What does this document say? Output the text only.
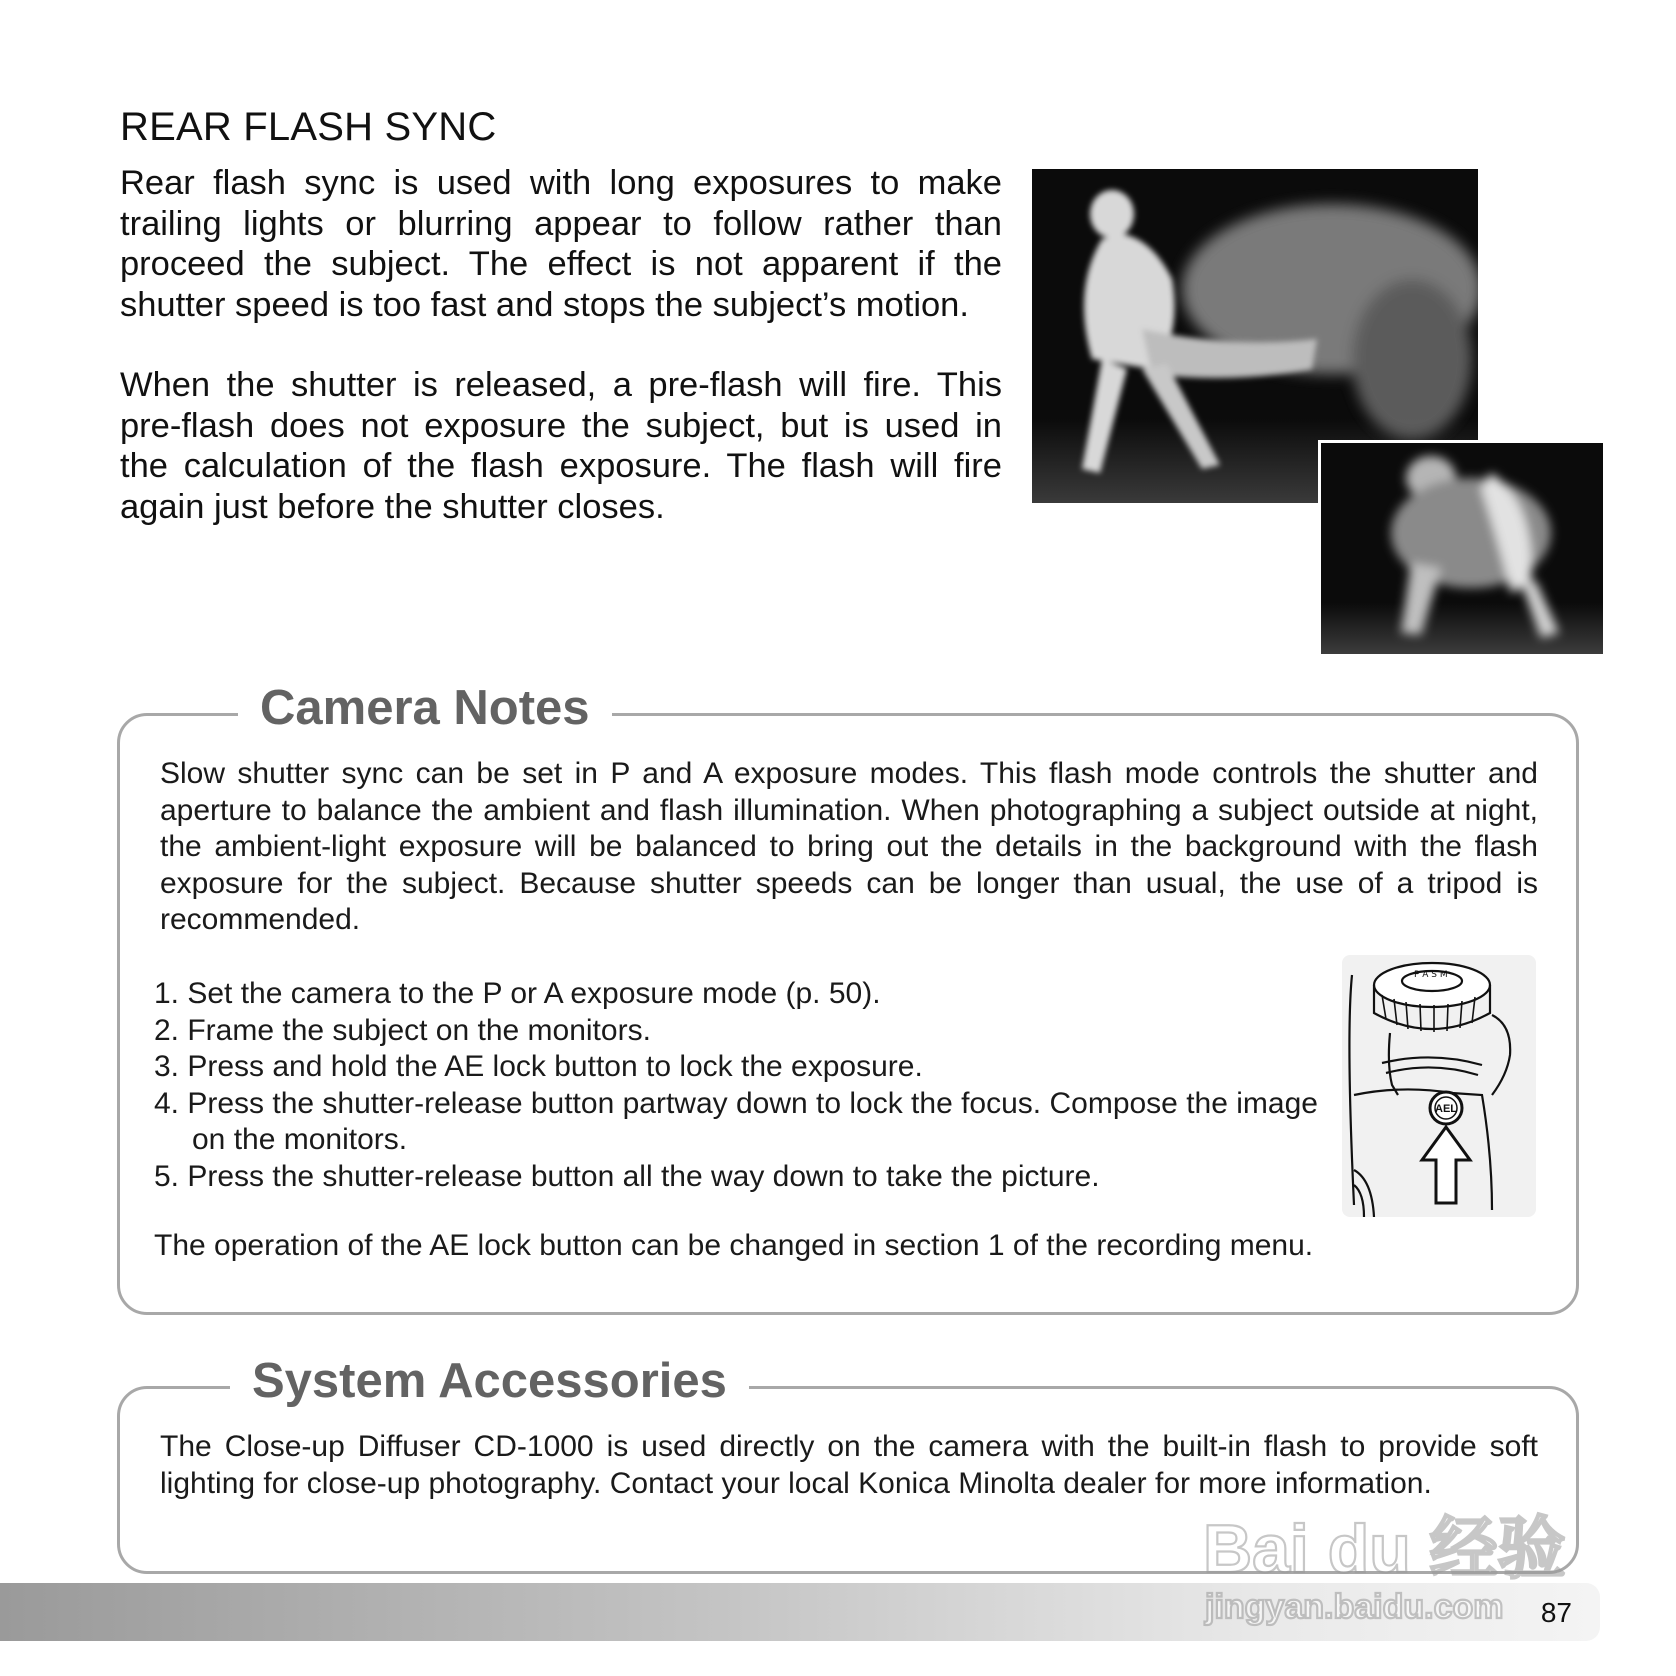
REAR FLASH SYNC

Rear flash sync is used with long exposures to make trailing lights or blurring appear to follow rather than proceed the subject. The effect is not apparent if the shutter speed is too fast and stops the subject’s motion.

When the shutter is released, a pre-flash will fire. This pre-flash does not exposure the subject, but is used in the calculation of the flash exposure. The flash will fire again just before the shutter closes.

Camera Notes

Slow shutter sync can be set in P and A exposure modes. This flash mode controls the shutter and aperture to balance the ambient and flash illumination. When photographing a subject outside at night, the ambient-light exposure will be balanced to bring out the details in the background with the flash exposure for the subject. Because shutter speeds can be longer than usual, the use of a tripod is recommended.

1. Set the camera to the P or A exposure mode (p. 50).
2. Frame the subject on the monitors.
3. Press and hold the AE lock button to lock the exposure.
4. Press the shutter-release button partway down to lock the focus. Compose the image on the monitors.
5. Press the shutter-release button all the way down to take the picture.

The operation of the AE lock button can be changed in section 1 of the recording menu.

P A S M
AEL
System Accessories

The Close-up Diffuser CD-1000 is used directly on the camera with the built-in flash to provide soft lighting for close-up photography. Contact your local Konica Minolta dealer for more information.

87
Bai du 经验
jingyan.baidu.com
